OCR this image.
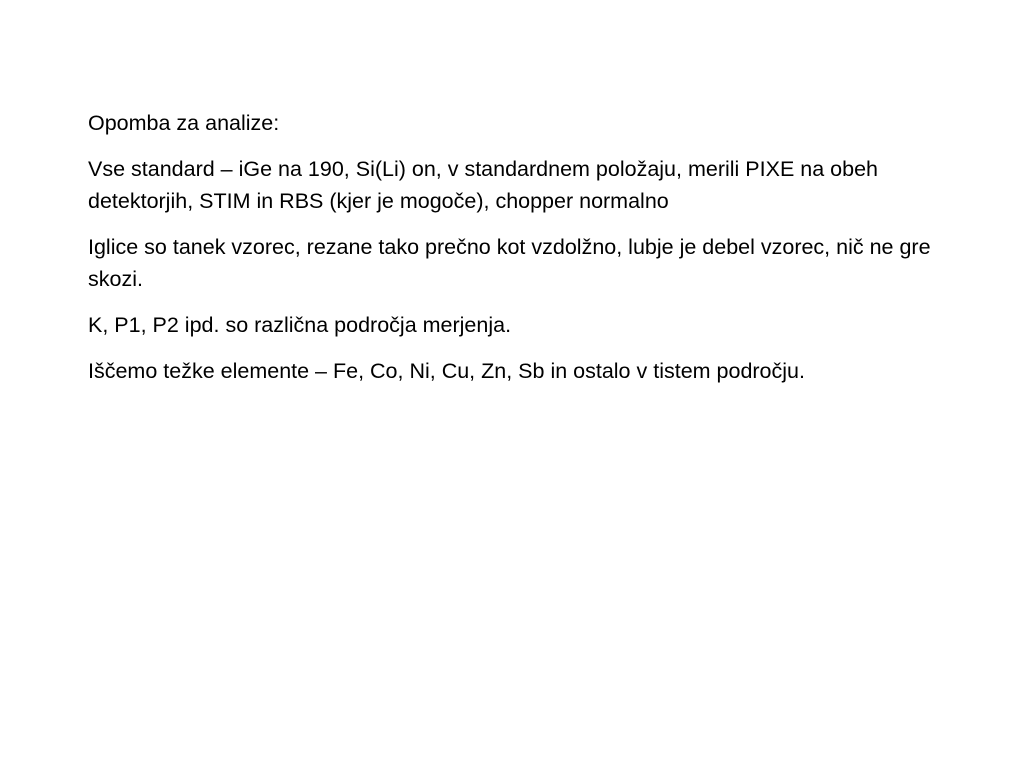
Opomba za analize:

Vse standard – iGe na 190, Si(Li) on, v standardnem položaju, merili PIXE na obeh detektorjih, STIM in RBS (kjer je mogoče), chopper normalno

Iglice so tanek vzorec, rezane tako prečno kot vzdolžno, lubje je debel vzorec, nič ne gre skozi.

K, P1, P2 ipd. so različna področja merjenja.

Iščemo težke elemente – Fe, Co, Ni, Cu, Zn, Sb in ostalo v tistem področju.
